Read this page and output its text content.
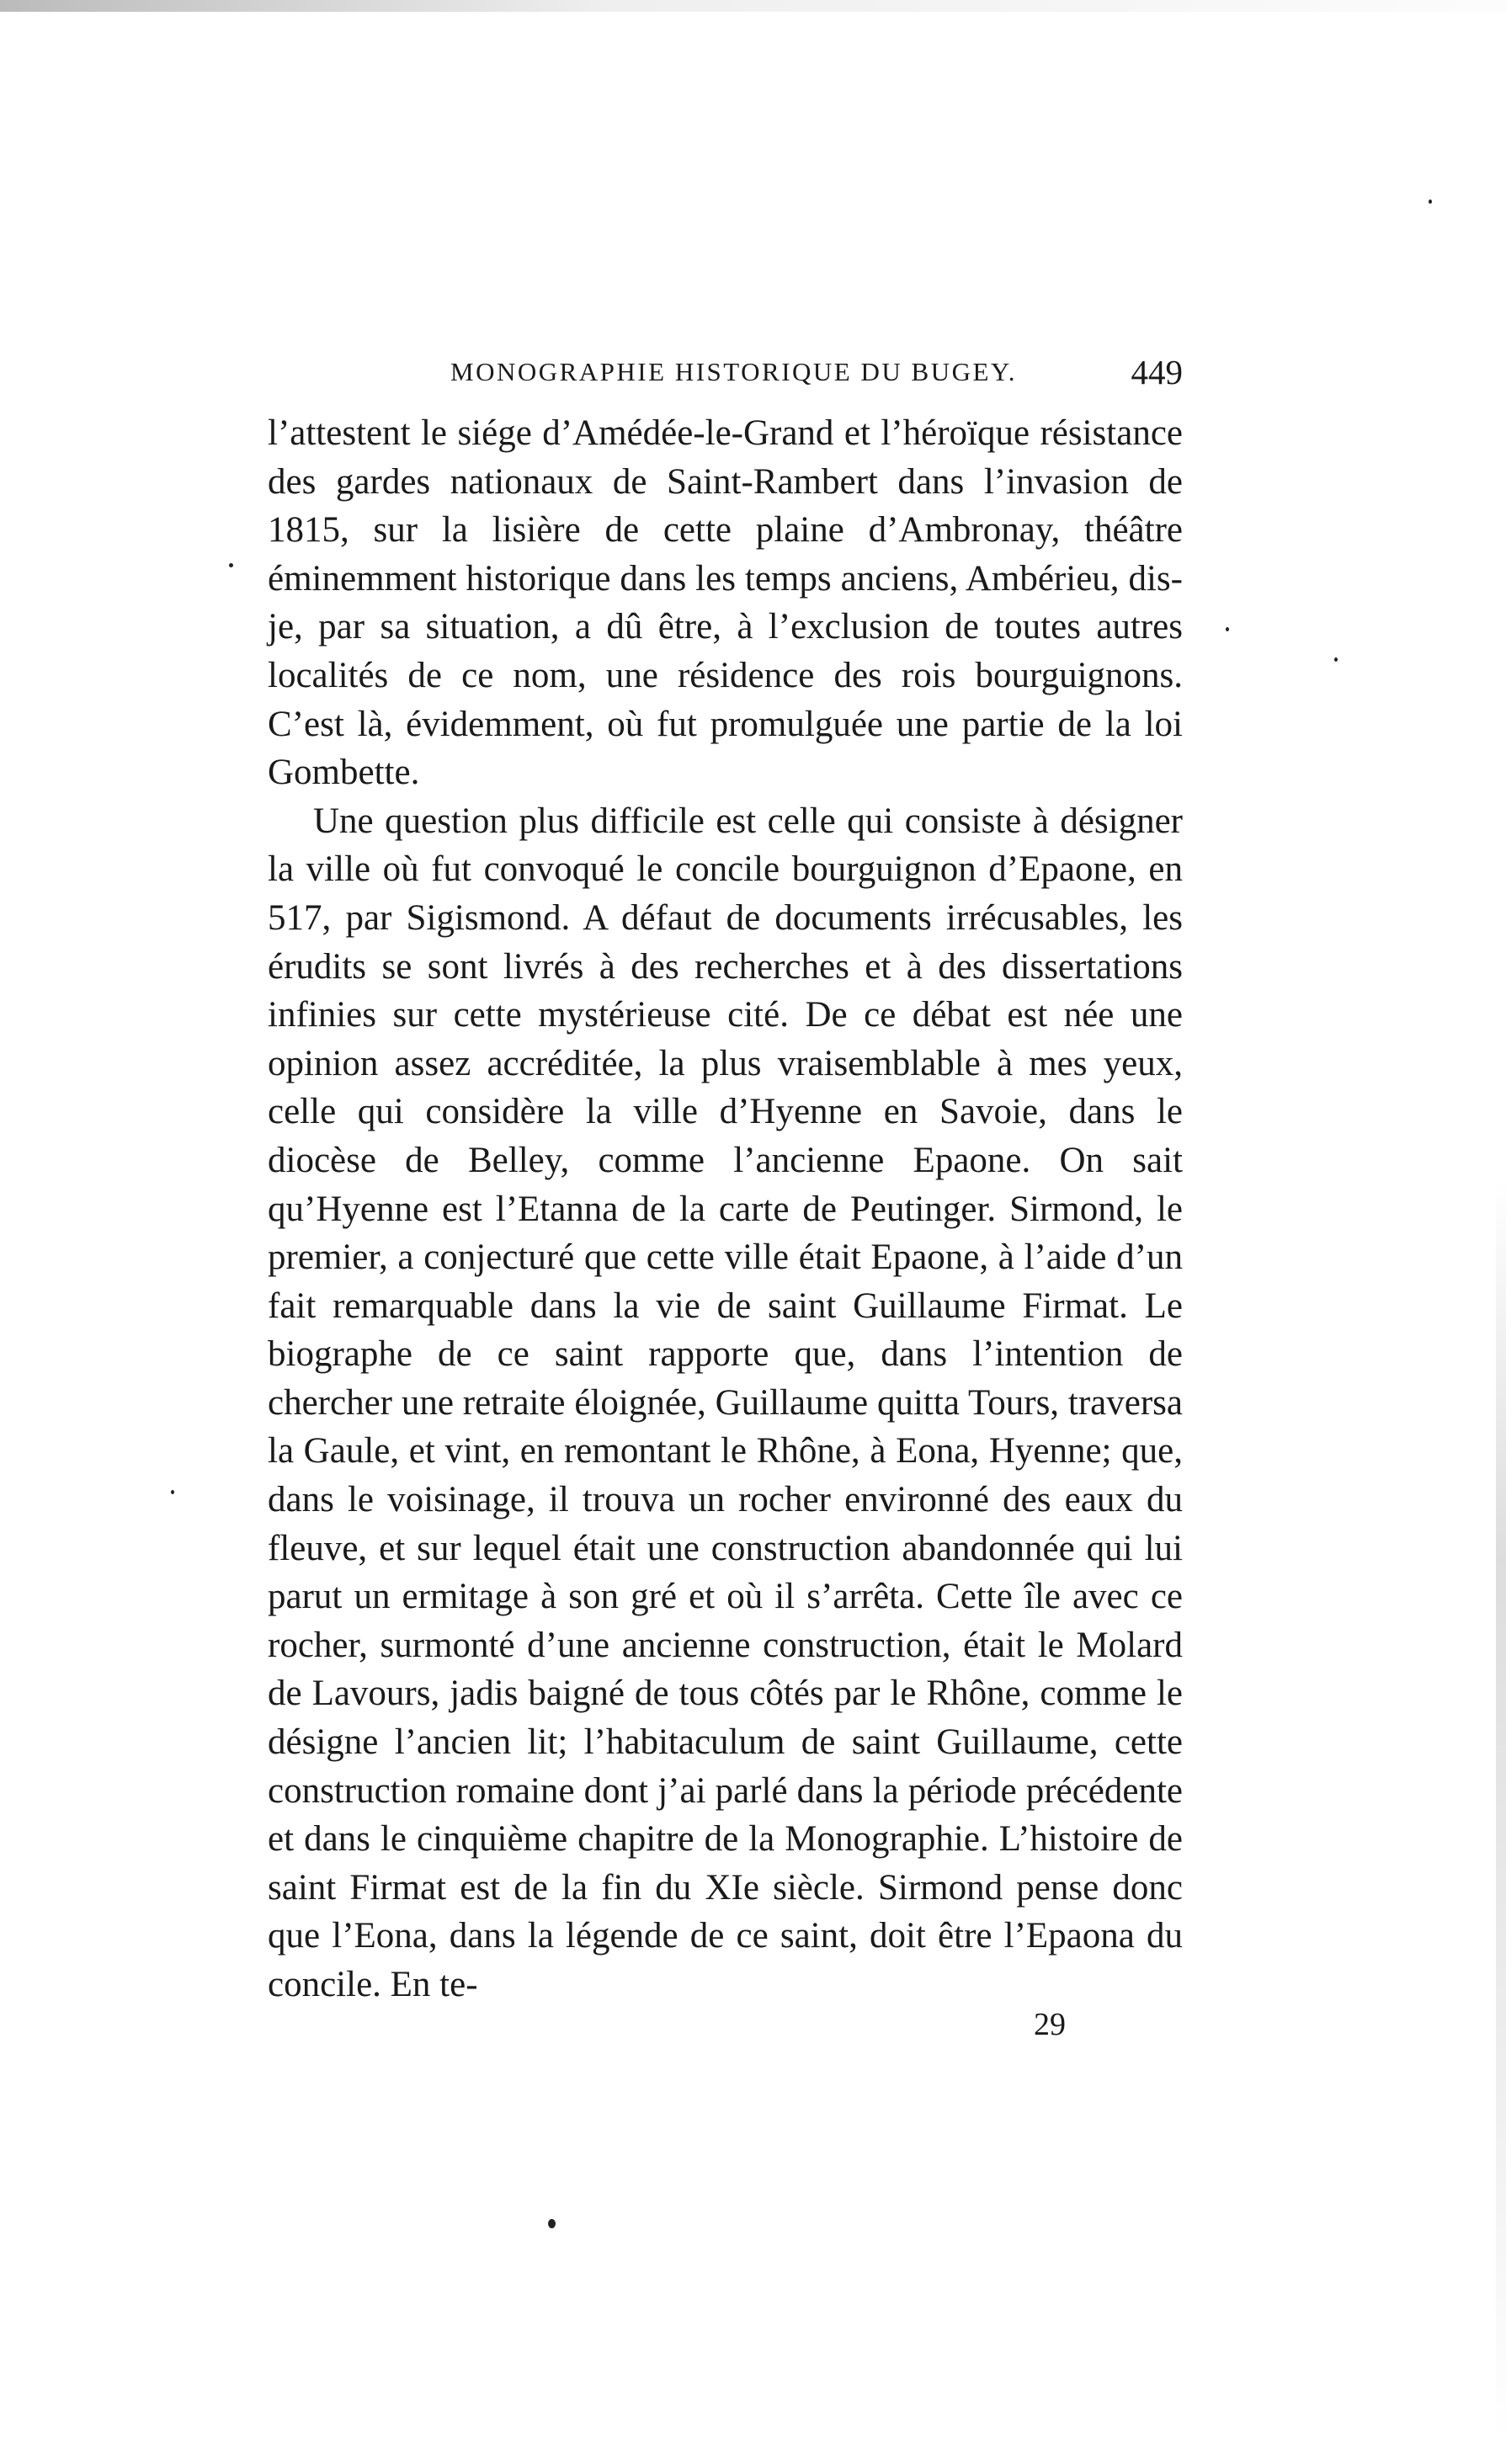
MONOGRAPHIE HISTORIQUE DU BUGEY.	449

l’attestent le siége d’Amédée-le-Grand et l’héroïque résistance des gardes nationaux de Saint-Rambert dans l’invasion de 1815, sur la lisière de cette plaine d’Ambronay, théâtre éminemment historique dans les temps anciens, Ambérieu, dis-je, par sa situation, a dû être, à l’exclusion de toutes autres localités de ce nom, une résidence des rois bourguignons. C’est là, évidemment, où fut promulguée une partie de la loi Gombette.

Une question plus difficile est celle qui consiste à désigner la ville où fut convoqué le concile bourguignon d’Epaone, en 517, par Sigismond. A défaut de documents irrécusables, les érudits se sont livrés à des recherches et à des dissertations infinies sur cette mystérieuse cité. De ce débat est née une opinion assez accréditée, la plus vraisemblable à mes yeux, celle qui considère la ville d’Hyenne en Savoie, dans le diocèse de Belley, comme l’ancienne Epaone. On sait qu’Hyenne est l’Etanna de la carte de Peutinger. Sirmond, le premier, a conjecturé que cette ville était Epaone, à l’aide d’un fait remarquable dans la vie de saint Guillaume Firmat. Le biographe de ce saint rapporte que, dans l’intention de chercher une retraite éloignée, Guillaume quitta Tours, traversa la Gaule, et vint, en remontant le Rhône, à Eona, Hyenne; que, dans le voisinage, il trouva un rocher environné des eaux du fleuve, et sur lequel était une construction abandonnée qui lui parut un ermitage à son gré et où il s’arrêta. Cette île avec ce rocher, surmonté d’une ancienne construction, était le Molard de Lavours, jadis baigné de tous côtés par le Rhône, comme le désigne l’ancien lit; l’habitaculum de saint Guillaume, cette construction romaine dont j’ai parlé dans la période précédente et dans le cinquième chapitre de la Monographie. L’histoire de saint Firmat est de la fin du XIe siècle. Sirmond pense donc que l’Eona, dans la légende de ce saint, doit être l’Epaona du concile. En te-

29
